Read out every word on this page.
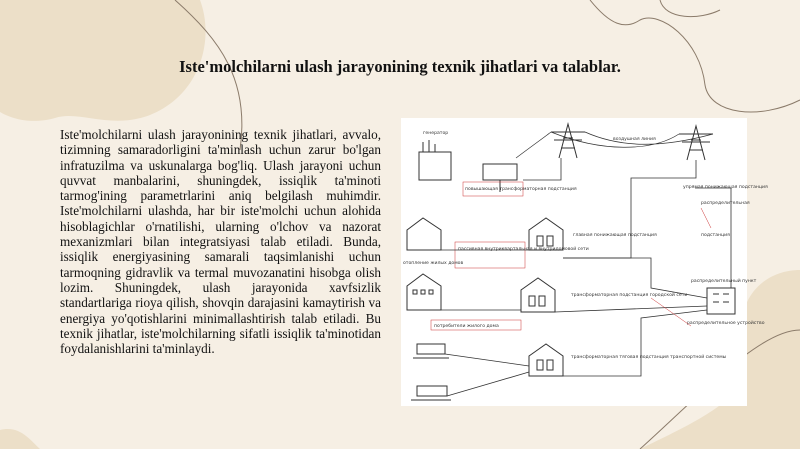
Iste'molchilarni ulash jarayonining texnik jihatlari va talablar.

Iste'molchilarni ulash jarayonining texnik jihatlari, avvalo, tizimning samaradorligini ta'minlash uchun zarur bo'lgan infratuzilma va uskunalarga bog'liq. Ulash jarayoni uchun quvvat manbalarini, shuningdek, issiqlik ta'minoti tarmog'ining parametrlarini aniq belgilash muhimdir. Iste'molchilarni ulashda, har bir iste'molchi uchun alohida hisoblagichlar o'rnatilishi, ularning o'lchov va nazorat mexanizmlari bilan integratsiyasi talab etiladi. Bunda, issiqlik energiyasining samarali taqsimlanishi uchun tarmoqning gidravlik va termal muvozanatini hisobga olish lozim. Shuningdek, ulash jarayonida xavfsizlik standartlariga rioya qilish, shovqin darajasini kamaytirish va energiya yo'qotishlarini minimallashtirish talab etiladi. Bu texnik jihatlar, iste'molchilarning sifatli issiqlik ta'minotidan foydalanishlarini ta'minlaydi.

генератор
воздушная линия
повышающая трансформаторная подстанция	упрямая понижающая подстанция
распределительная
подстанция
главная понижающая подстанция
пассивная внутриквартальная и внутридомовой сети
отопление жилых домов
трансформаторная подстанция городской сети
потребители жилого дома
трансформаторная тяговая подстанция транспортной системы
распределительный пункт
распределительное устройство
